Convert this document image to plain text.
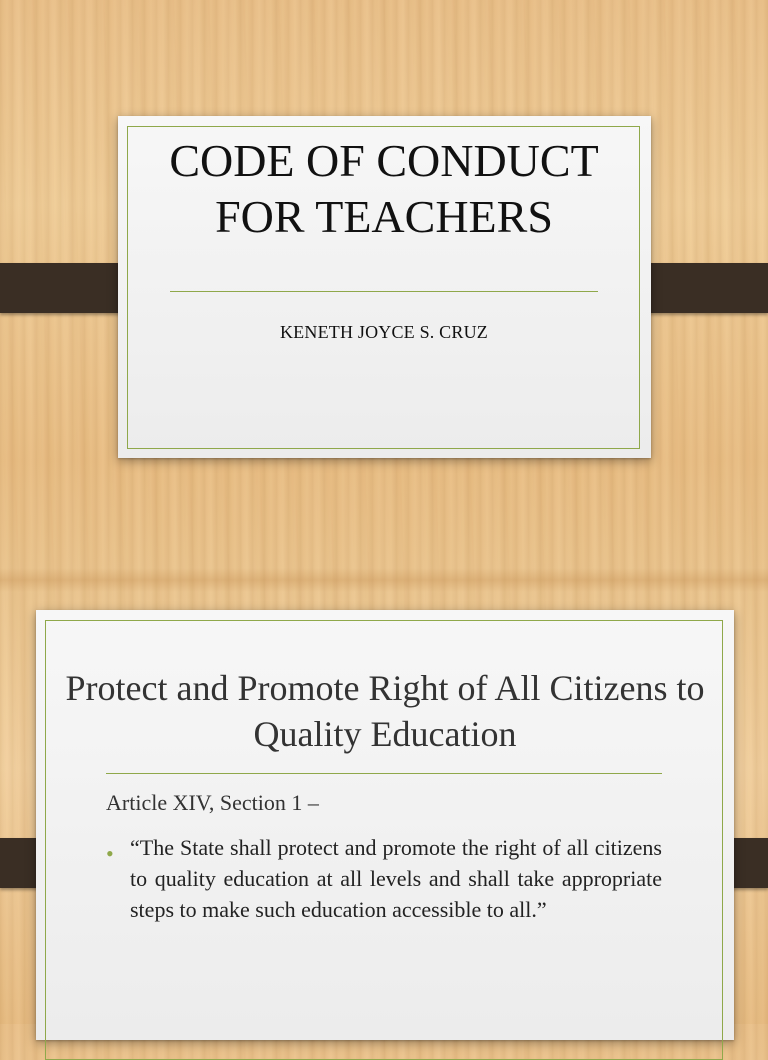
CODE OF CONDUCT FOR TEACHERS
KENETH JOYCE S. CRUZ
Protect and Promote Right of All Citizens to Quality Education
Article XIV, Section 1 –
• “The State shall protect and promote the right of all citizens to quality education at all levels and shall take appropriate steps to make such education accessible to all.”
